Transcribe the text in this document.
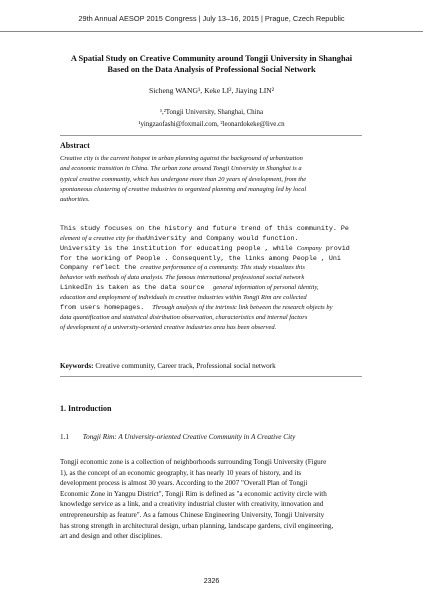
29th Annual AESOP 2015 Congress | July 13–16, 2015 | Prague, Czech Republic
A Spatial Study on Creative Community around Tongji University in Shanghai
Based on the Data Analysis of Professional Social Network
Sicheng WANG¹, Keke LI², Jiaying LIN²
¹,²Tongji University, Shanghai, China
¹yingzaofashi@foxmail.com, ²leonardokeke@live.cn
Abstract
Creative city is the current hotspot in urban planning against the background of urbanization
and economic transition in China. The urban zone around Tongji University in Shanghai is a
typical creative community, which has undergone more than 20 years of development, from the
spontaneous clustering of creative industries to organized planning and managing led by local
authorities.
This study focuses on the history and future trend of this community. Pe
element of a creative city for thatUniversity and Company would function.
University is the institution for educating people , while Company provid
for the working of People . Consequently, the links among People , Uni
Company reflect the creative performance of a community. This study visualizes this
behavior with methods of data analysis. The famous international professional social network
LinkedIn is taken as the data source general information of personal identity,
education and employment of individuals in creative industries within Tongji Rim are collected
from users homepages. Through analysis of the intrinsic link between the research objects by
data quantification and statistical distribution observation, characteristics and internal factors
of development of a university-oriented creative industries area has been observed.
Keywords: Creative community, Career track, Professional social network
1. Introduction
1.1 Tongji Rim: A University-oriented Creative Community in A Creative City
Tongji economic zone is a collection of neighborhoods surrounding Tongji University (Figure
1), as the concept of an economic geography, it has nearly 10 years of history, and its
development process is almost 30 years. According to the 2007 "Overall Plan of Tongji
Economic Zone in Yangpu District", Tongji Rim is defined as "a economic activity circle with
knowledge service as a link, and a creativity industrial cluster with creativity, innovation and
entrepreneurship as feature". As a famous Chinese Engineering University, Tongji University
has strong strength in architectural design, urban planning, landscape gardens, civil engineering,
art and design and other disciplines.
2326
